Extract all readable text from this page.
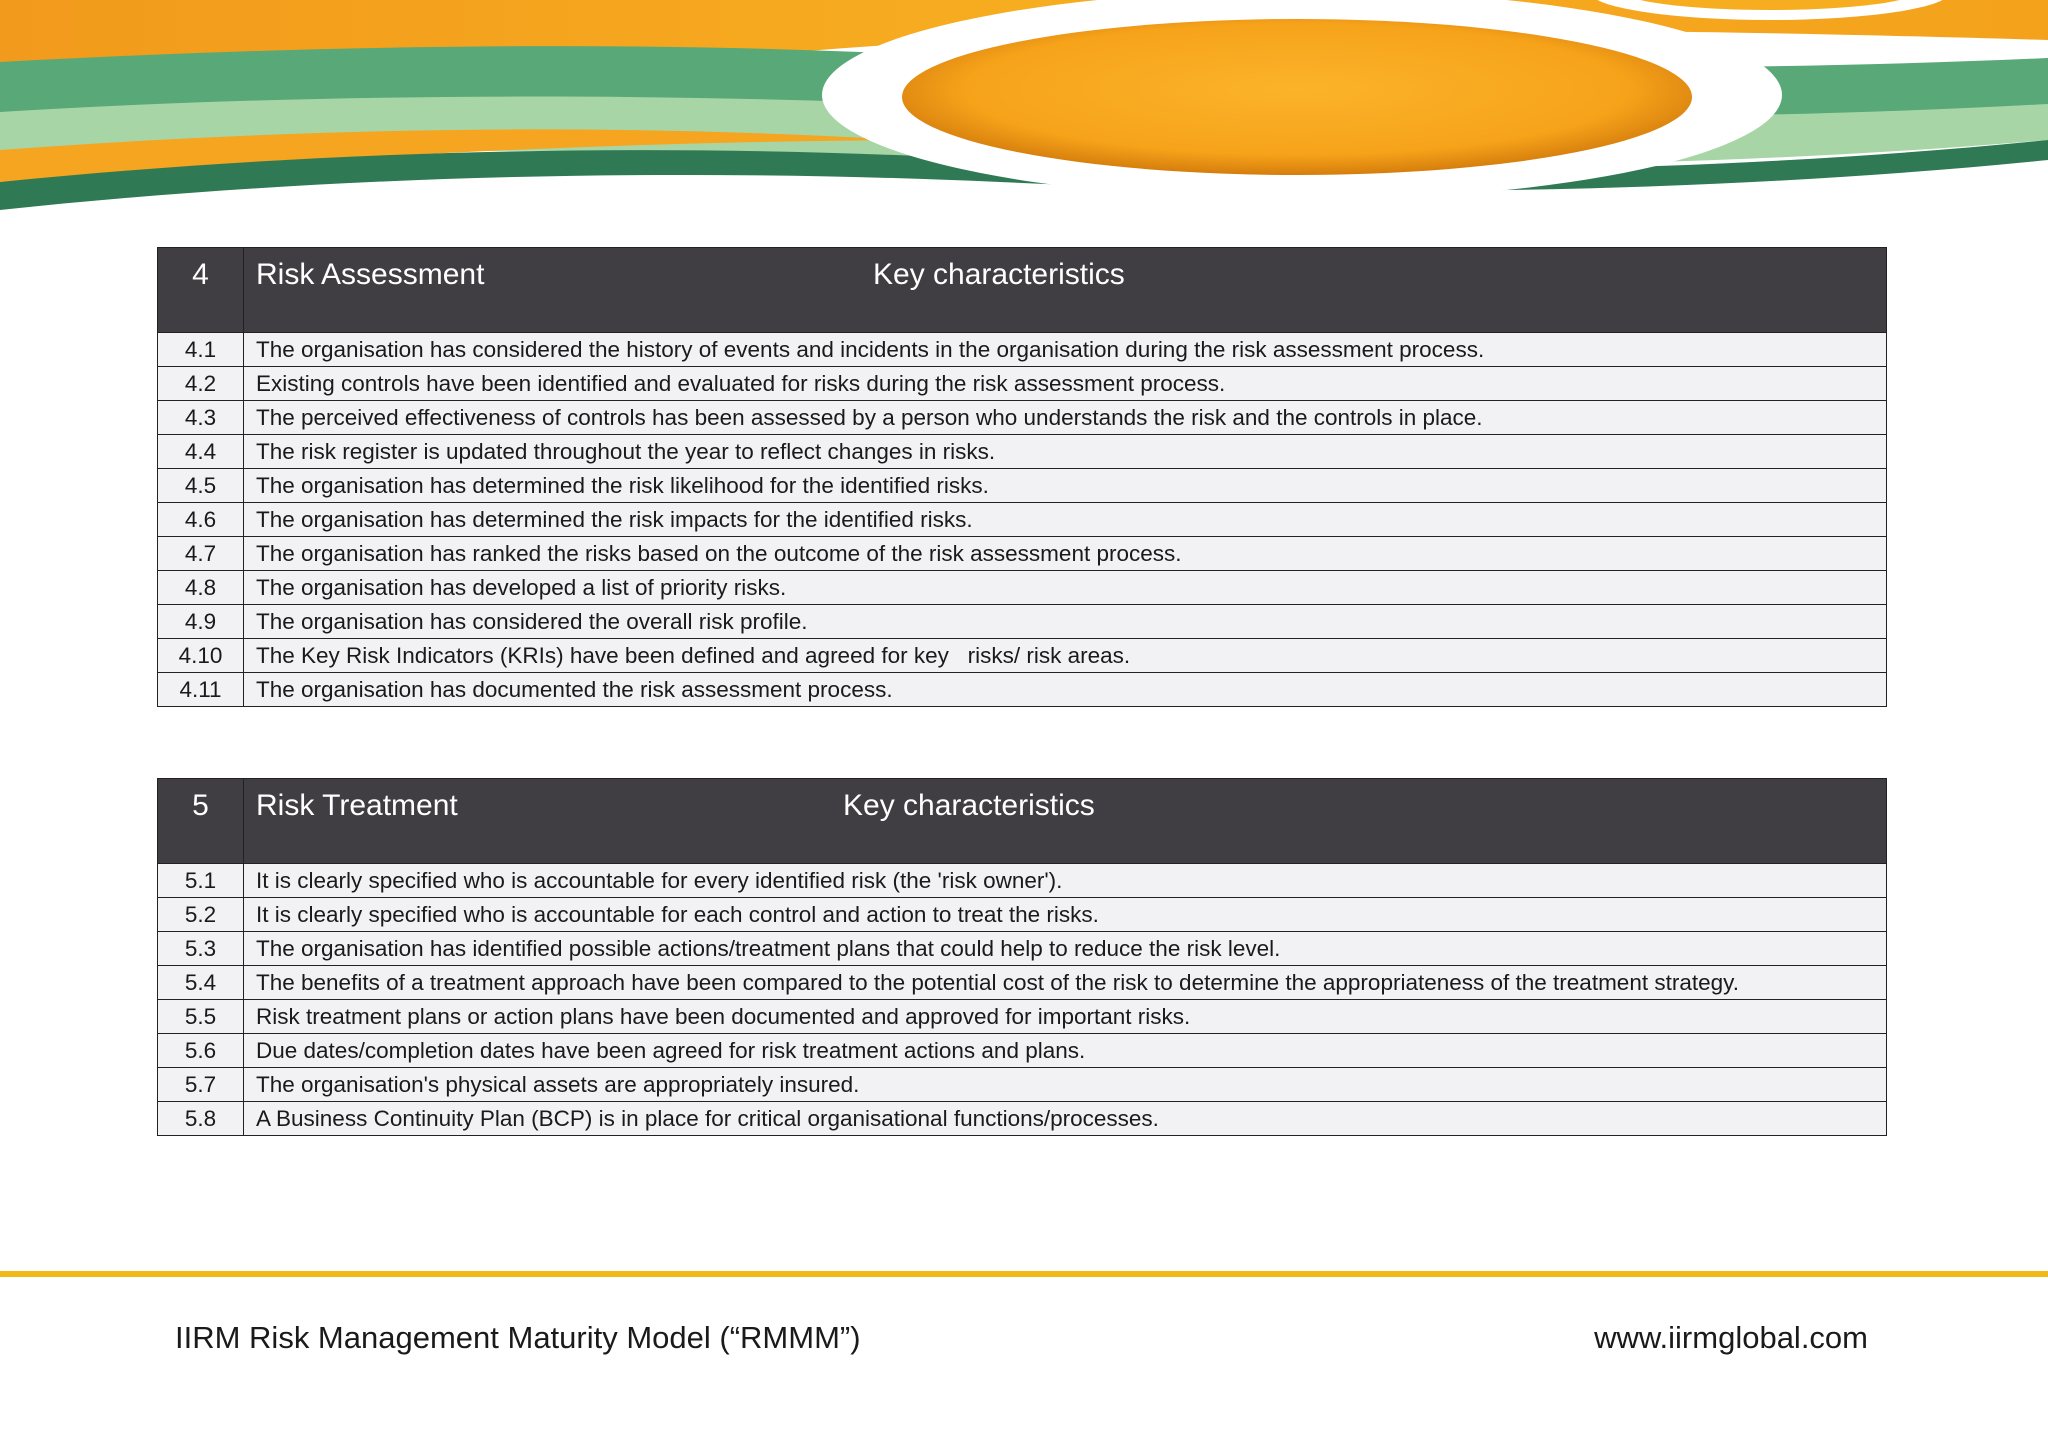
4	Risk Assessment Key characteristics

4.1	The organisation has considered the history of events and incidents in the organisation during the risk assessment process.
4.2	Existing controls have been identified and evaluated for risks during the risk assessment process.
4.3	The perceived effectiveness of controls has been assessed by a person who understands the risk and the controls in place.
4.4	The risk register is updated throughout the year to reflect changes in risks.
4.5	The organisation has determined the risk likelihood for the identified risks.
4.6	The organisation has determined the risk impacts for the identified risks.
4.7	The organisation has ranked the risks based on the outcome of the risk assessment process.
4.8	The organisation has developed a list of priority risks.
4.9	The organisation has considered the overall risk profile.
4.10	The Key Risk Indicators (KRIs) have been defined and agreed for key   risks/ risk areas.
4.11	The organisation has documented the risk assessment process.
5	Risk Treatment Key characteristics

5.1	It is clearly specified who is accountable for every identified risk (the 'risk owner').
5.2	It is clearly specified who is accountable for each control and action to treat the risks.
5.3	The organisation has identified possible actions/treatment plans that could help to reduce the risk level.
5.4	The benefits of a treatment approach have been compared to the potential cost of the risk to determine the appropriateness of the treatment strategy.
5.5	Risk treatment plans or action plans have been documented and approved for important risks.
5.6	Due dates/completion dates have been agreed for risk treatment actions and plans.
5.7	The organisation's physical assets are appropriately insured.
5.8	A Business Continuity Plan (BCP) is in place for critical organisational functions/processes.
IIRM Risk Management Maturity Model (“RMMM”)	www.iirmglobal.com
